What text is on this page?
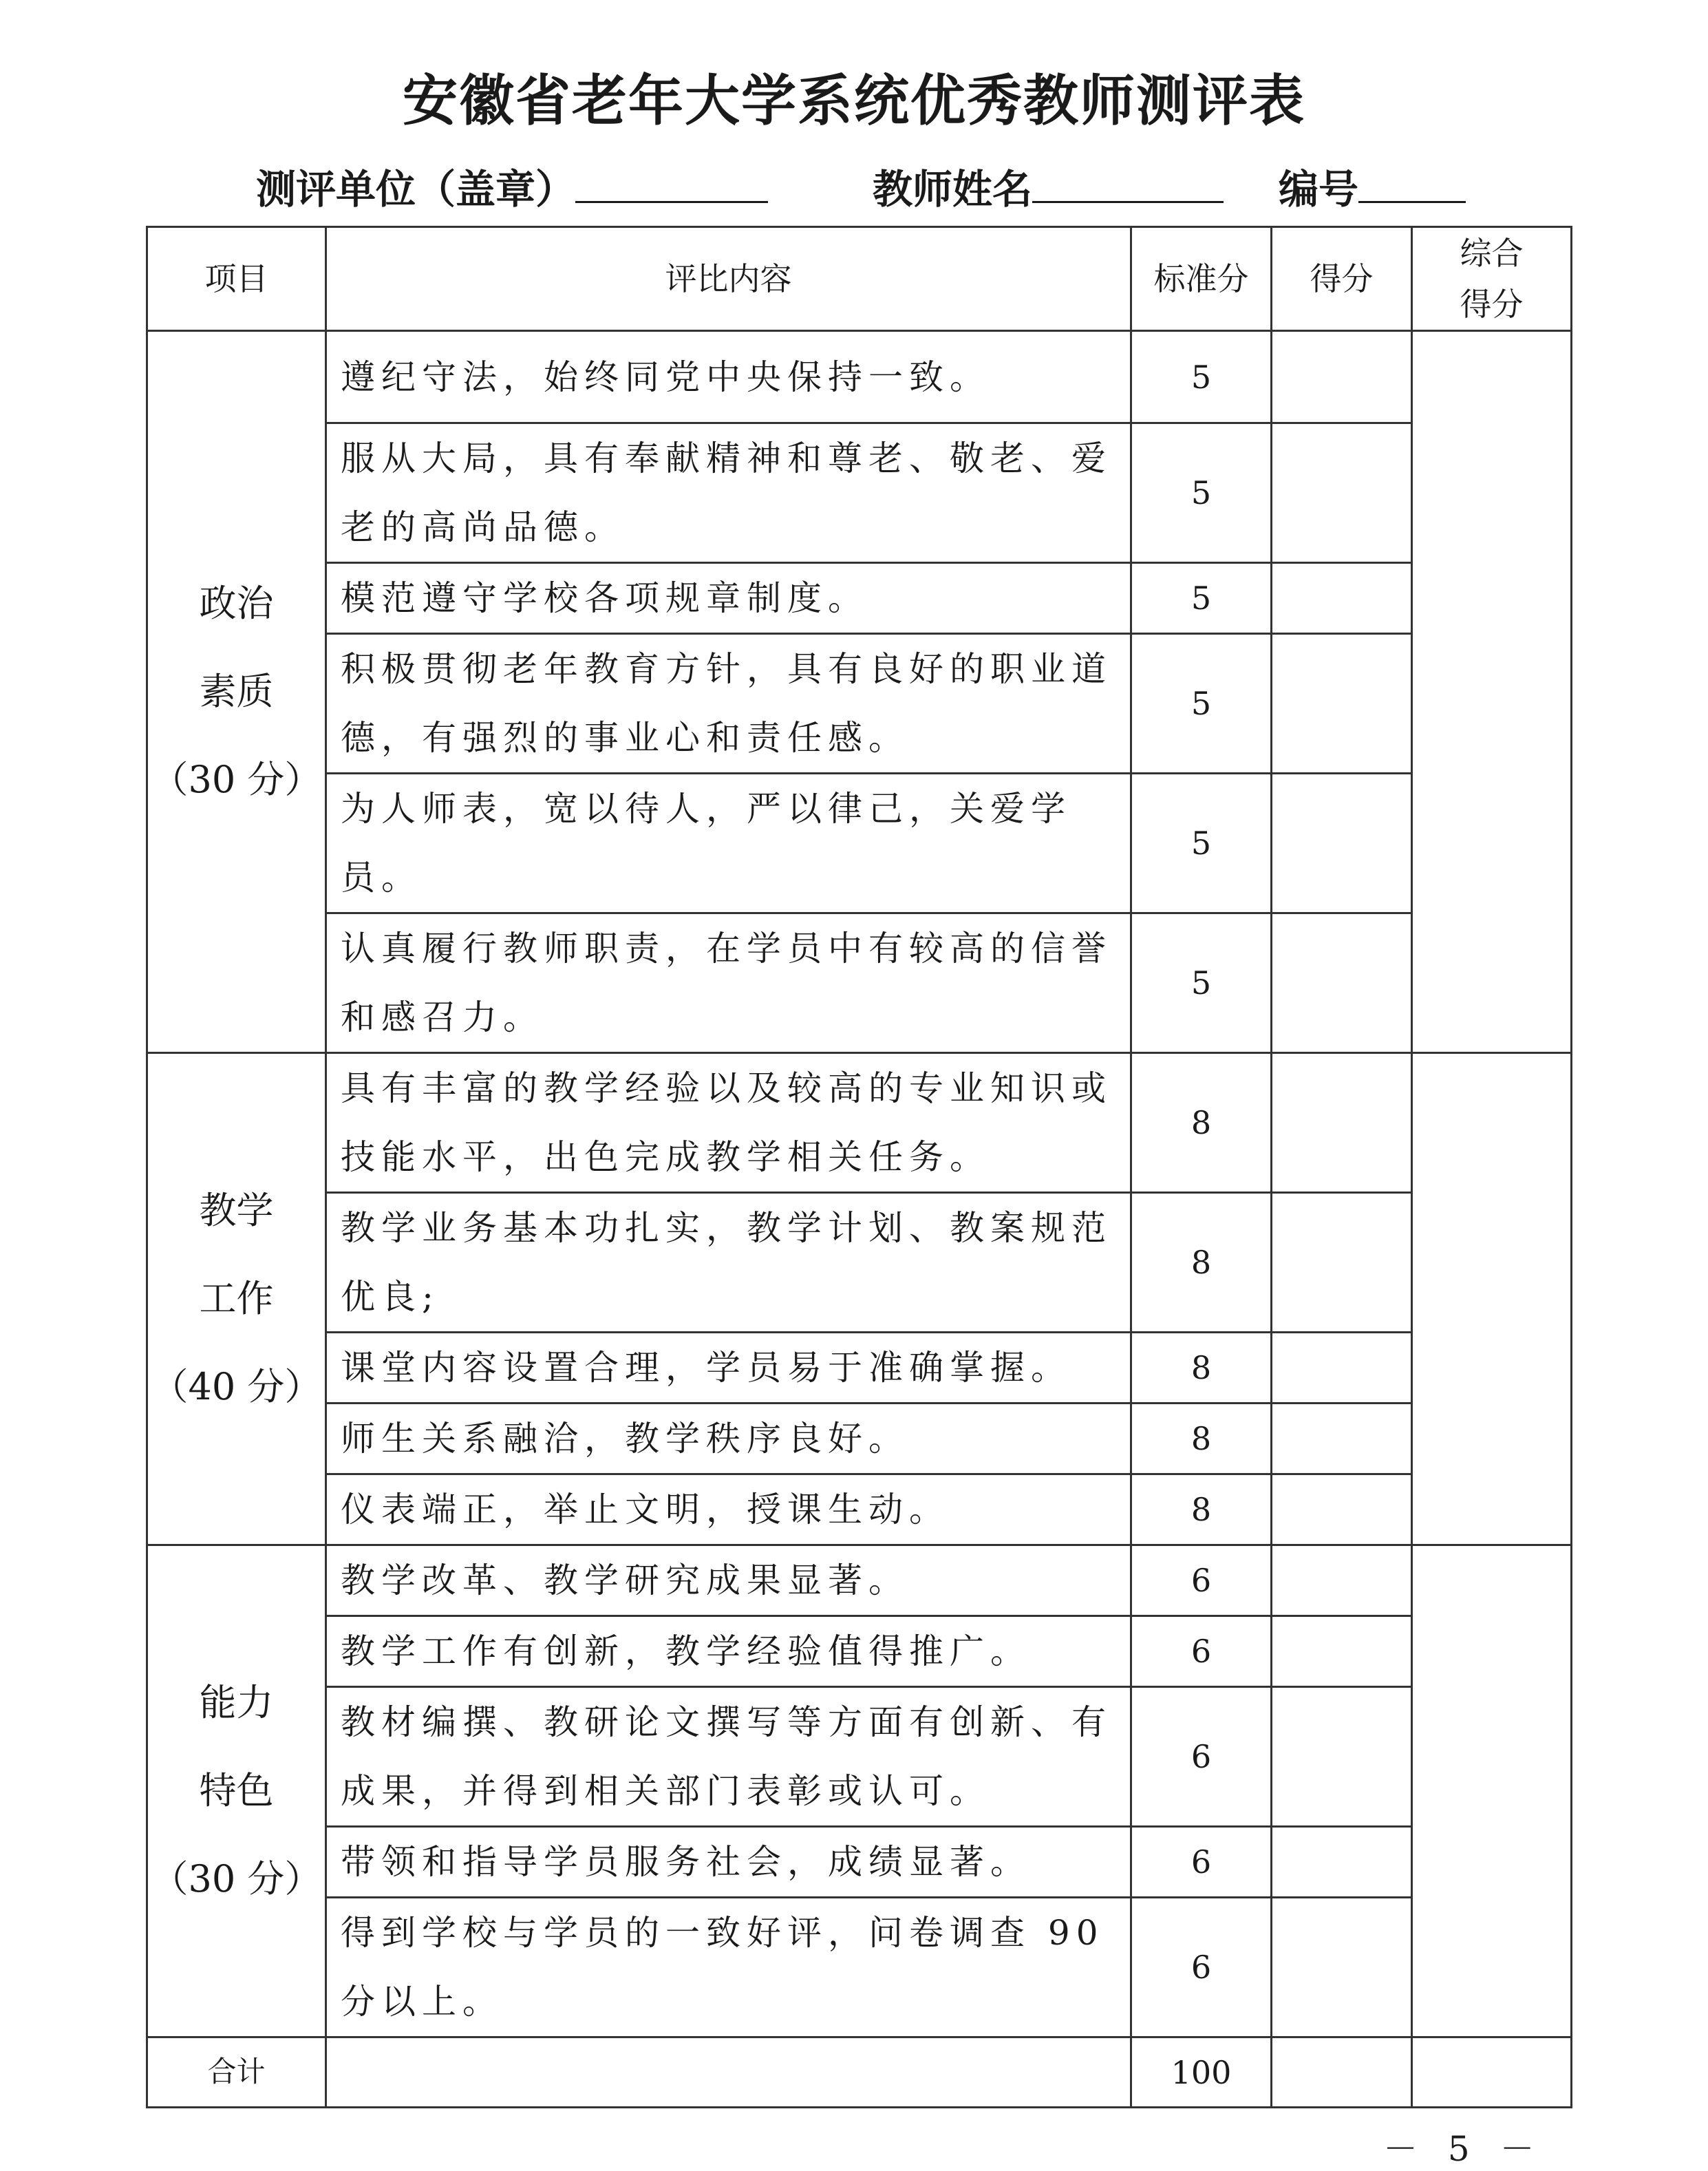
安徽省老年大学系统优秀教师测评表
测评单位（盖章）	教师姓名	编号
项目	评比内容	标准分	得分	综合
得分

政治
素质
（30 分）	遵纪守法，始终同党中央保持一致。	5		
	服从大局，具有奉献精神和尊老、敬老、爱老的高尚品德。	5		
	模范遵守学校各项规章制度。	5		
	积极贯彻老年教育方针，具有良好的职业道德，有强烈的事业心和责任感。	5		
	为人师表，宽以待人，严以律己，关爱学员。	5		
	认真履行教师职责，在学员中有较高的信誉和感召力。	5		

教学
工作
（40 分）	具有丰富的教学经验以及较高的专业知识或技能水平，出色完成教学相关任务。	8		
	教学业务基本功扎实，教学计划、教案规范优良;	8		
	课堂内容设置合理，学员易于准确掌握。	8		
	师生关系融洽，教学秩序良好。	8		
	仪表端正，举止文明，授课生动。	8		

能力
特色
（30 分）	教学改革、教学研究成果显著。	6		
	教学工作有创新，教学经验值得推广。	6		
	教材编撰、教研论文撰写等方面有创新、有成果，并得到相关部门表彰或认可。	6		
	带领和指导学员服务社会，成绩显著。	6		
	得到学校与学员的一致好评，问卷调查 90 分以上。	6		
合计		100		
－ 5 －
